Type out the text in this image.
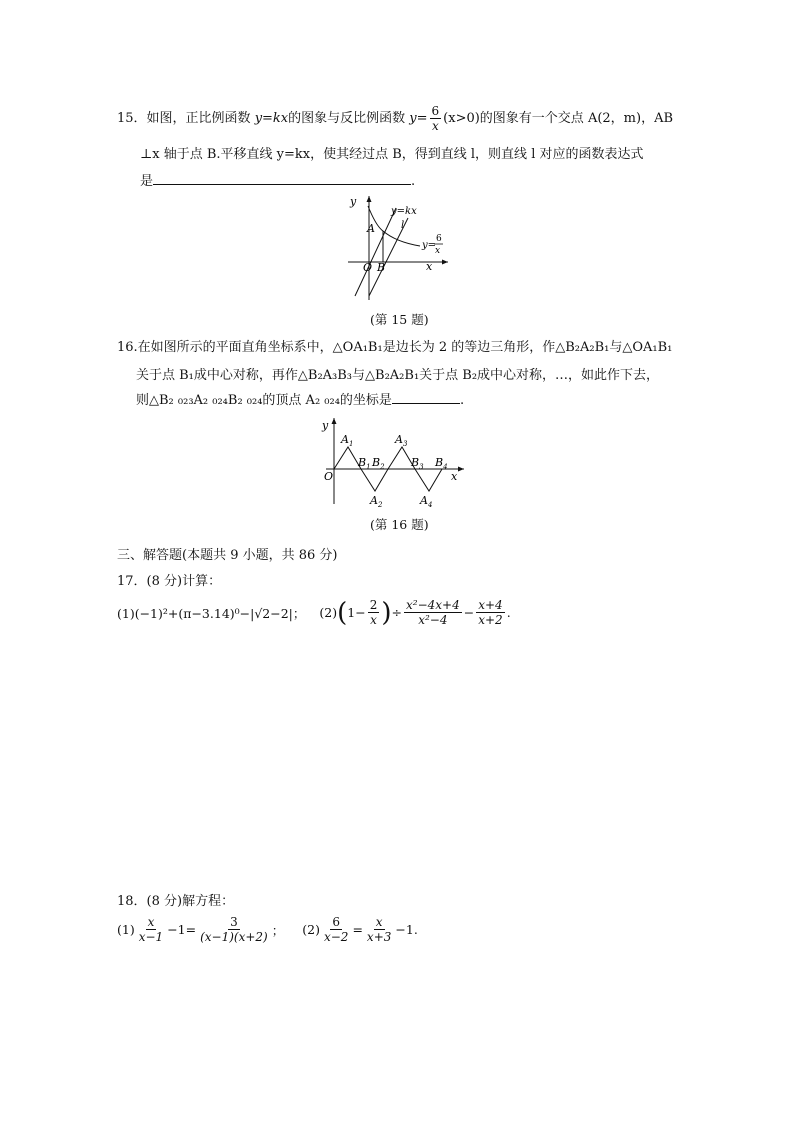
15．如图，正比例函数 y=kx的图象与反比例函数 $y= \frac{6}{x} (x>0)$的图象有一个交点 A(2，m)，AB
⊥x 轴于点 B.平移直线 y=kx，使其经过点 B，得到直线 l，则直线 l 对应的函数表达式
是	.
y
x
O B
A
y=kx
l
y=
6
x
(第 15 题)
16.在如图所示的平面直角坐标系中，△OA₁B₁是边长为 2 的等边三角形，作△B₂A₂B₁与△OA₁B₁
关于点 B₁成中心对称，再作△B₂A₃B₃与△B₂A₂B₁关于点 B₂成中心对称，…，如此作下去，
则△B₂ ₀₂₃A₂ ₀₂₄B₂ ₀₂₄的顶点 A₂ ₀₂₄的坐标是	.
y
x
O
$A_1$
$A_2$
$A_3$
$A_4$
$B_1$ $B_2$ $B_3$ $B_4$
(第 16 题)
三、解答题(本题共 9 小题，共 86 分)
17．(8 分)计算：
(1)(−1)²+(π−3.14)⁰−|√2−2|； (2) ( $1- \frac{2}{x}$ ) ÷ $\frac{\text{x²−4x+4}}{\text{x²−4}} - \frac{x+4}{x+2}$ .
18．(8 分)解方程：
$(1) \frac{x}{x-1} -1= \frac{3}{(x-1)(x+2)}$ ； $(2) \frac{6}{x-2} = \frac{x}{x+3} -1$.
